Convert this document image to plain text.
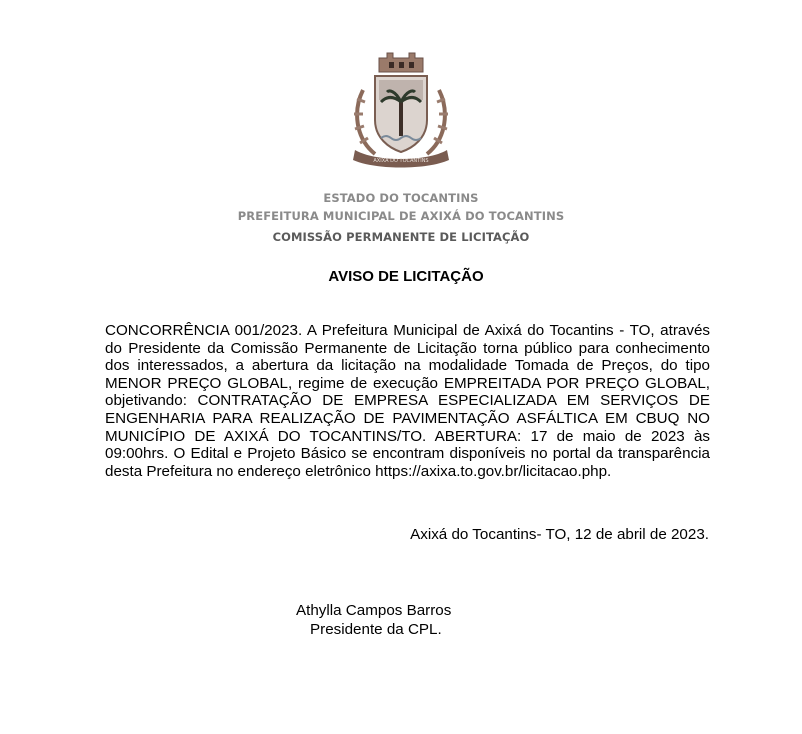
AXIXÁ DO TOCANTINS
ESTADO DO TOCANTINS
PREFEITURA MUNICIPAL DE AXIXÁ DO TOCANTINS
COMISSÃO PERMANENTE DE LICITAÇÃO
AVISO DE LICITAÇÃO
CONCORRÊNCIA 001/2023. A Prefeitura Municipal de Axixá do Tocantins - TO, através do Presidente da Comissão Permanente de Licitação torna público para conhecimento dos interessados, a abertura da licitação na modalidade Tomada de Preços, do tipo MENOR PREÇO GLOBAL, regime de execução EMPREITADA POR PREÇO GLOBAL, objetivando: CONTRATAÇÃO DE EMPRESA ESPECIALIZADA EM SERVIÇOS DE ENGENHARIA PARA REALIZAÇÃO DE PAVIMENTAÇÃO ASFÁLTICA EM CBUQ NO MUNICÍPIO DE AXIXÁ DO TOCANTINS/TO. ABERTURA: 17 de maio de 2023 às 09:00hrs. O Edital e Projeto Básico se encontram disponíveis no portal da transparência desta Prefeitura no endereço eletrônico https://axixa.to.gov.br/licitacao.php.
Axixá do Tocantins- TO, 12 de abril de 2023.
Athylla Campos Barros
Presidente da CPL.
